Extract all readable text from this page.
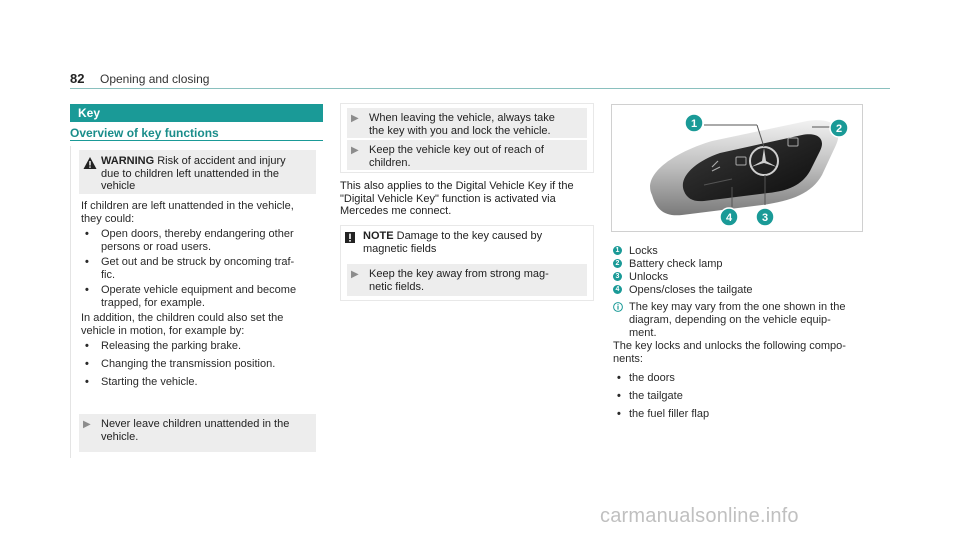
82 Opening and closing
Key
Overview of key functions
WARNING Risk of accident and injury
due to children left unattended in the
vehicle
If children are left unattended in the vehicle,
they could:
•	Open doors, thereby endangering other
persons or road users.
•	Get out and be struck by oncoming traf-
fic.
•	Operate vehicle equipment and become
trapped, for example.
In addition, the children could also set the
vehicle in motion, for example by:
•	Releasing the parking brake.
•	Changing the transmission position.
•	Starting the vehicle.
▶ Never leave children unattended in the
vehicle.
▶ When leaving the vehicle, always take
the key with you and lock the vehicle.
▶ Keep the vehicle key out of reach of
children.
This also applies to the Digital Vehicle Key if the
"Digital Vehicle Key" function is activated via
Mercedes me connect.
NOTE Damage to the key caused by
magnetic fields
▶ Keep the key away from strong mag-
netic fields.
1	2
3
4
1 Locks
2 Battery check lamp
3 Unlocks
4 Opens/closes the tailgate
The key may vary from the one shown in the
diagram, depending on the vehicle equip-
ment.
The key locks and unlocks the following compo-
nents:
• the doors
• the tailgate
• the fuel filler flap
carmanualsonline.info
